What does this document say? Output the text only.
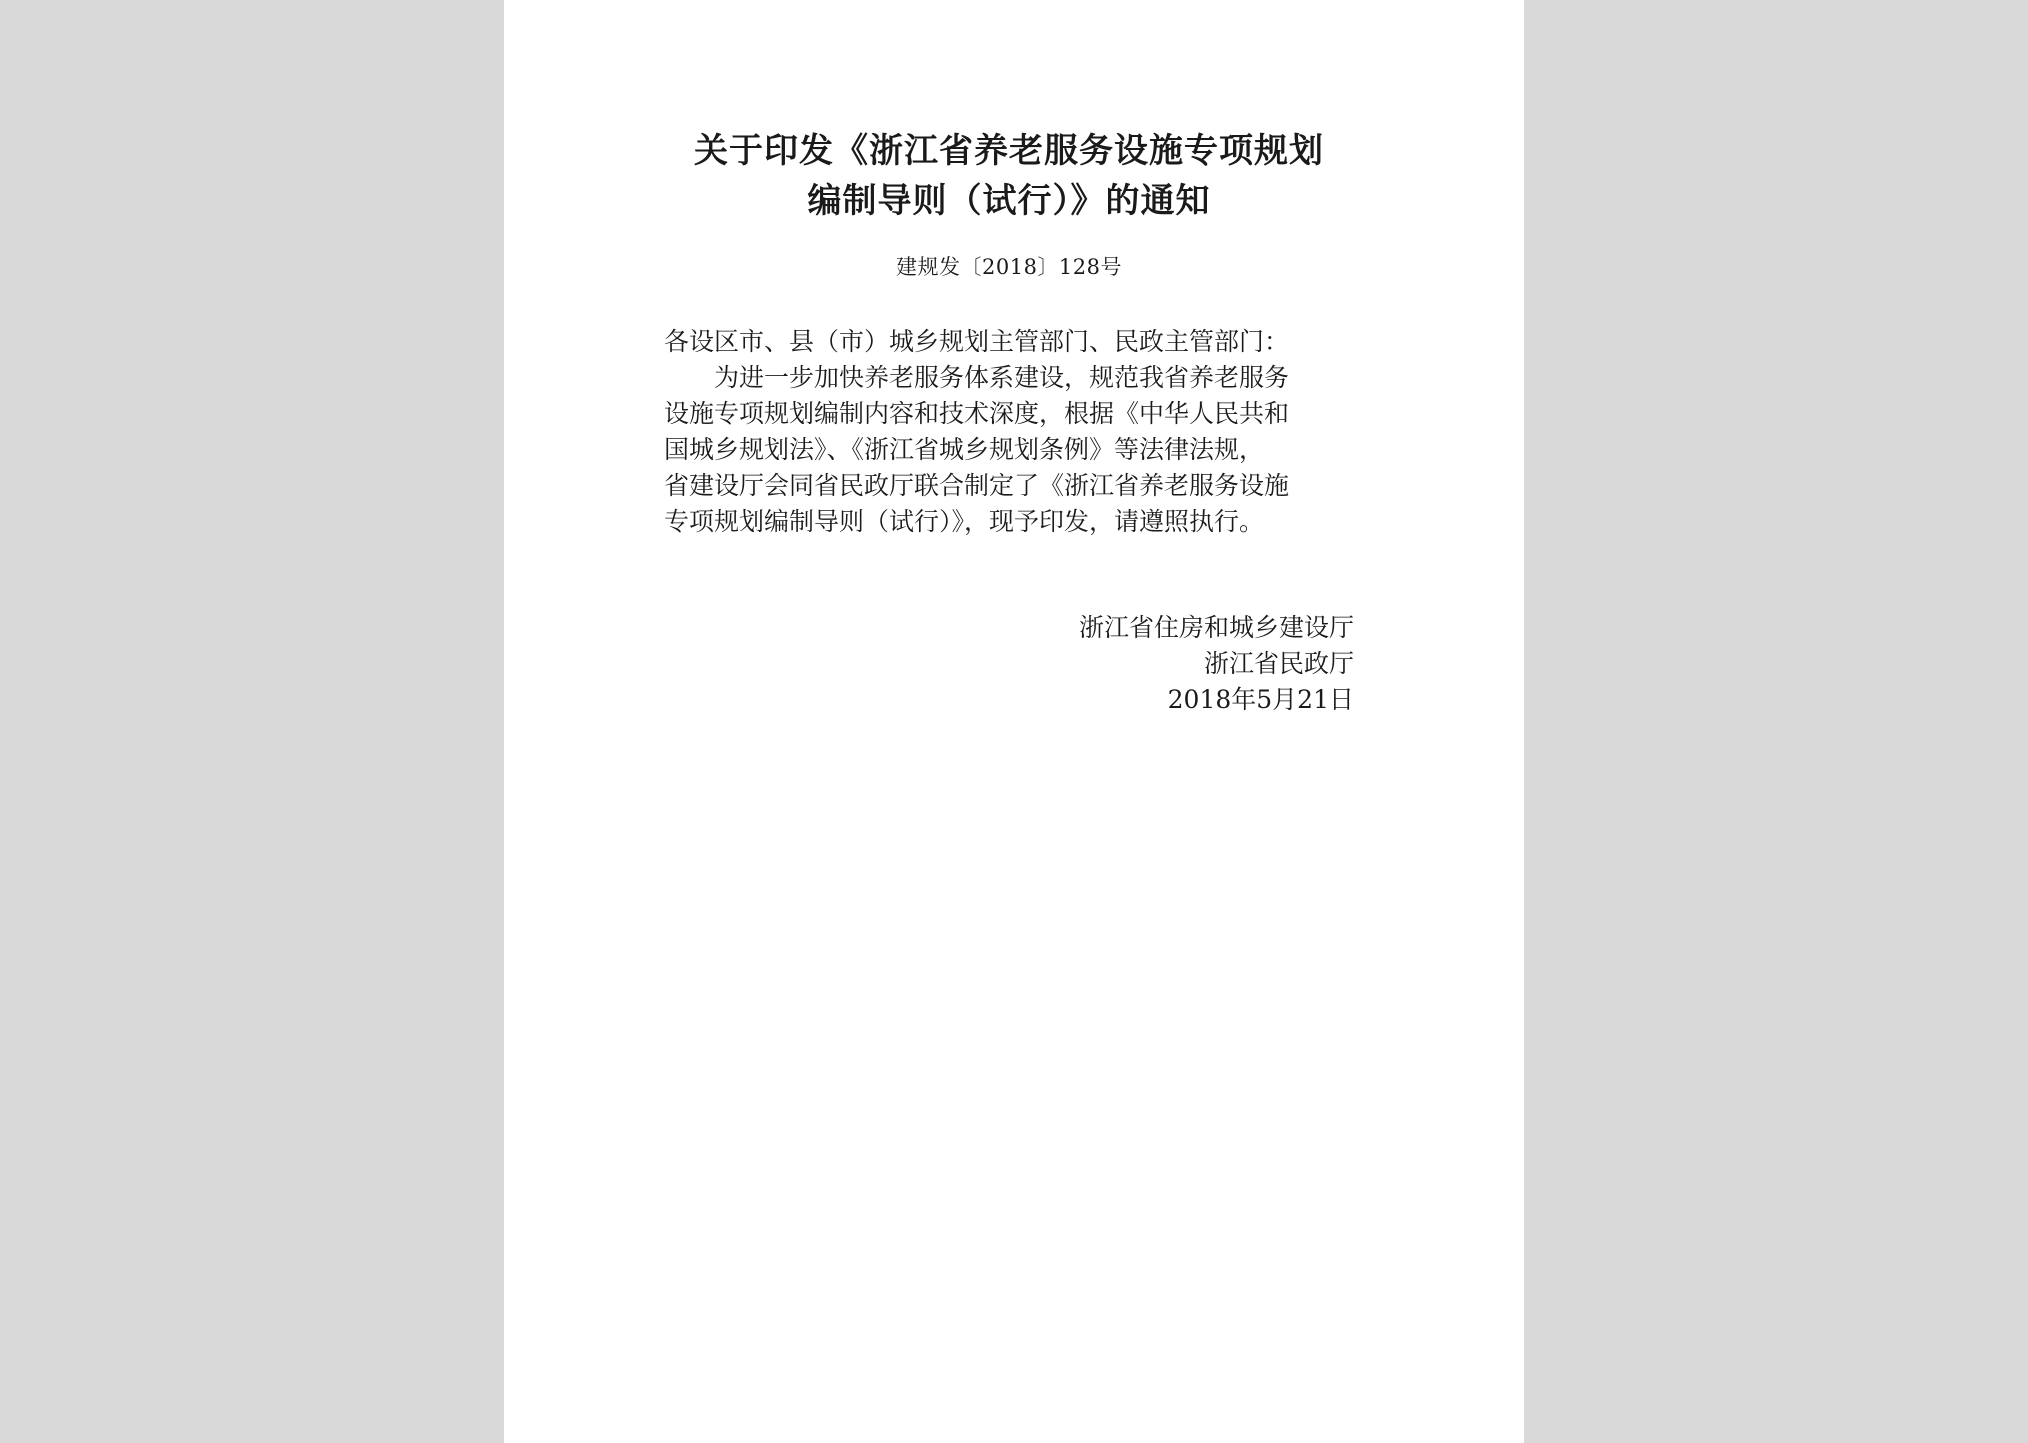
关于印发《浙江省养老服务设施专项规划
编制导则（试行）》的通知
建规发〔2018〕128号
各设区市、县（市）城乡规划主管部门、民政主管部门：

为进一步加快养老服务体系建设，规范我省养老服务
设施专项规划编制内容和技术深度，根据《中华人民共和
国城乡规划法》、《浙江省城乡规划条例》等法律法规，
省建设厅会同省民政厅联合制定了《浙江省养老服务设施
专项规划编制导则（试行）》，现予印发，请遵照执行。

浙江省住房和城乡建设厅
浙江省民政厅
2018年5月21日
